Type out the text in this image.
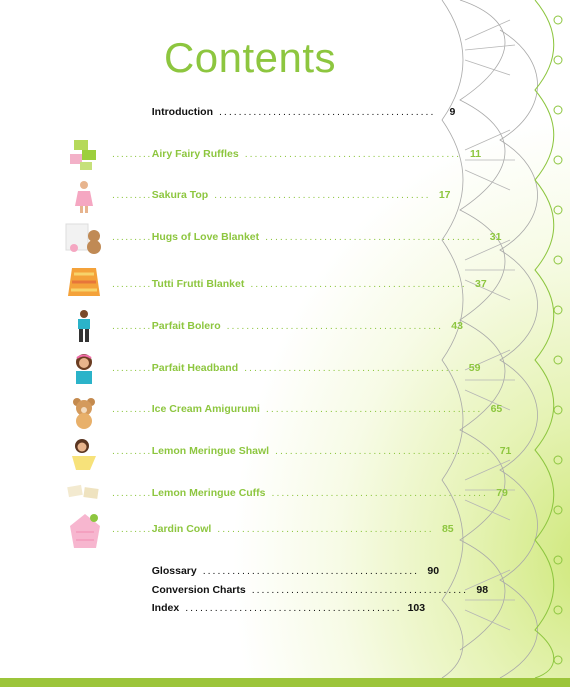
Contents
Introduction ............................................	9
......... Airy Fairy Ruffles ............................................ 11
......... Sakura Top ............................................ 17
......... Hugs of Love Blanket ............................................ 31
......... Tutti Frutti Blanket ............................................ 37
......... Parfait Bolero ............................................ 43
......... Parfait Headband ............................................ 59
......... Ice Cream Amigurumi ............................................ 65
......... Lemon Meringue Shawl ............................................ 71
......... Lemon Meringue Cuffs ............................................ 79
......... Jardin Cowl ............................................ 85
Glossary ............................................ 90
Conversion Charts ............................................ 98
Index ............................................ 103
